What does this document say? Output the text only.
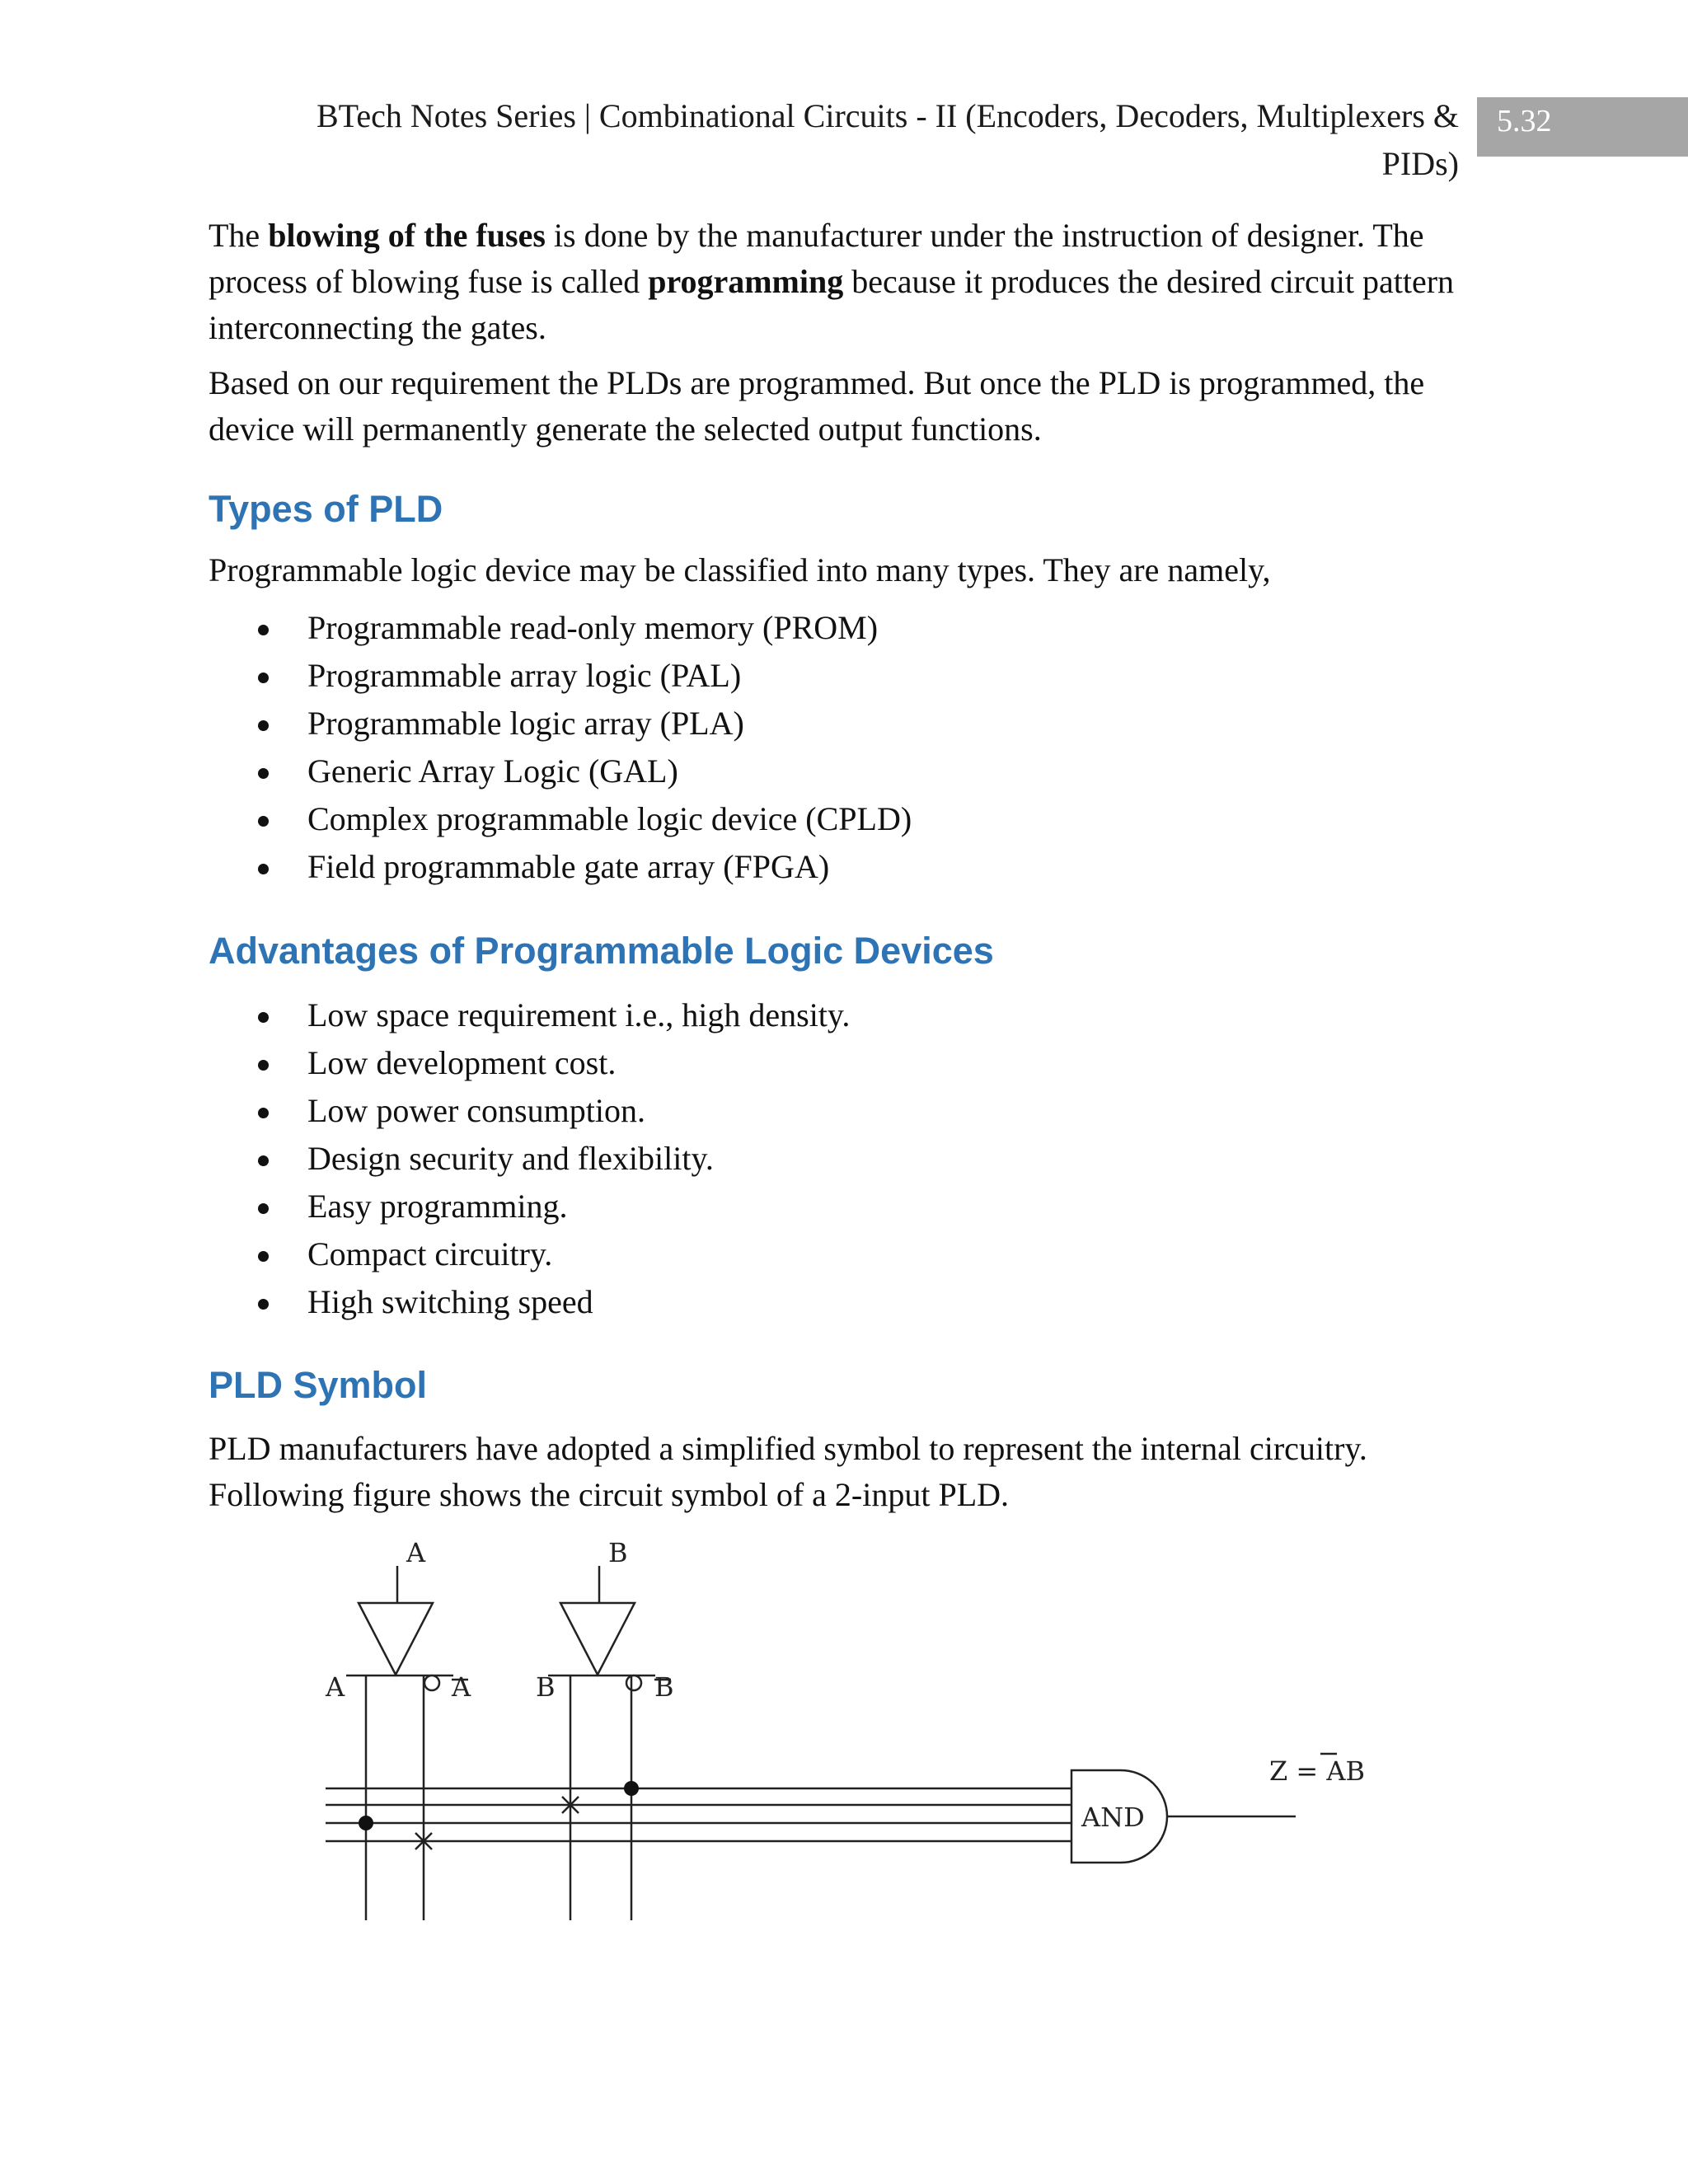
BTech Notes Series | Combinational Circuits - II (Encoders, Decoders, Multiplexers &
PIDs)
5.32

The blowing of the fuses is done by the manufacturer under the instruction of designer. The process of blowing fuse is called programming because it produces the desired circuit pattern interconnecting the gates.

Based on our requirement the PLDs are programmed. But once the PLD is programmed, the device will permanently generate the selected output functions.

Types of PLD

Programmable logic device may be classified into many types. They are namely,

Programmable read-only memory (PROM)
Programmable array logic (PAL)
Programmable logic array (PLA)
Generic Array Logic (GAL)
Complex programmable logic device (CPLD)
Field programmable gate array (FPGA)
Advantages of Programmable Logic Devices
Low space requirement i.e., high density.
Low development cost.
Low power consumption.
Design security and flexibility.
Easy programming.
Compact circuitry.
High switching speed
PLD Symbol

PLD manufacturers have adopted a simplified symbol to represent the internal circuitry. Following figure shows the circuit symbol of a 2-input PLD.

A	B
A	A B	B
AND
Z = AB
